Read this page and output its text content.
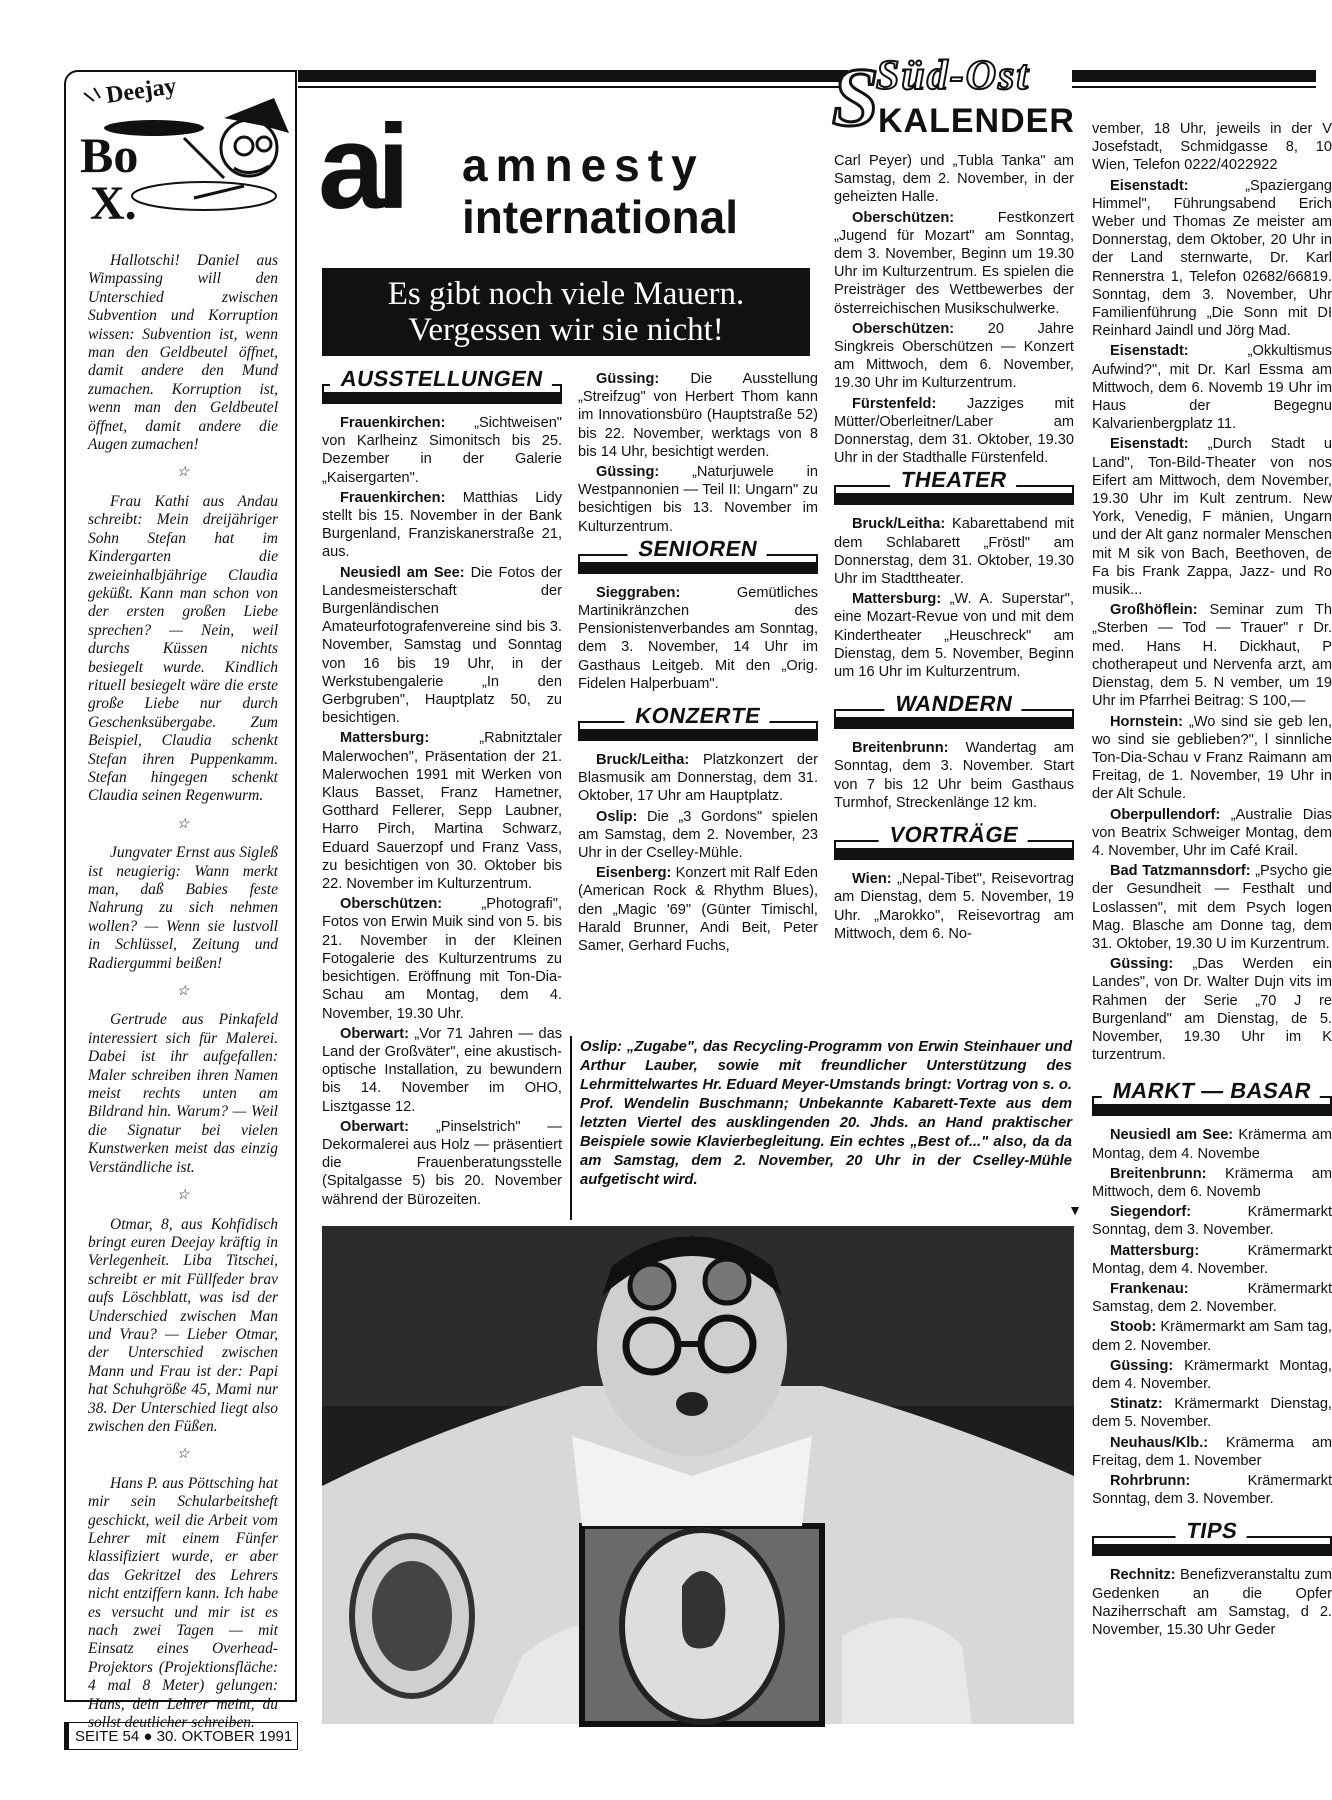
Deejay
Bo
X.

Hallotschi! Daniel aus Wimpassing will den Unterschied zwischen Subvention und Korruption wissen: Subvention ist, wenn man den Geldbeutel öffnet, damit andere den Mund zumachen. Korruption ist, wenn man den Geldbeutel öffnet, damit andere die Augen zumachen!

☆

Frau Kathi aus Andau schreibt: Mein dreijähriger Sohn Stefan hat im Kindergarten die zweieinhalbjährige Claudia geküßt. Kann man schon von der ersten großen Liebe sprechen? — Nein, weil durchs Küssen nichts besiegelt wurde. Kindlich rituell besiegelt wäre die erste große Liebe nur durch Geschenksübergabe. Zum Beispiel, Claudia schenkt Stefan ihren Puppenkamm. Stefan hingegen schenkt Claudia seinen Regenwurm.

☆

Jungvater Ernst aus Sigleß ist neugierig: Wann merkt man, daß Babies feste Nahrung zu sich nehmen wollen? — Wenn sie lustvoll in Schlüssel, Zeitung und Radiergummi beißen!

☆

Gertrude aus Pinkafeld interessiert sich für Malerei. Dabei ist ihr aufgefallen: Maler schreiben ihren Namen meist rechts unten am Bildrand hin. Warum? — Weil die Signatur bei vielen Kunstwerken meist das einzig Verständliche ist.

☆

Otmar, 8, aus Kohfidisch bringt euren Deejay kräftig in Verlegenheit. Liba Titschei, schreibt er mit Füllfeder brav aufs Löschblatt, was isd der Underschied zwischen Man und Vrau? — Lieber Otmar, der Unterschied zwischen Mann und Frau ist der: Papi hat Schuhgröße 45, Mami nur 38. Der Unterschied liegt also zwischen den Füßen.

☆

Hans P. aus Pöttsching hat mir sein Schularbeitsheft geschickt, weil die Arbeit vom Lehrer mit einem Fünfer klassifiziert wurde, er aber das Gekritzel des Lehrers nicht entziffern kann. Ich habe es versucht und mir ist es nach zwei Tagen — mit Einsatz eines Overhead-Projektors (Projektionsfläche: 4 mal 8 Meter) gelungen: Hans, dein Lehrer meint, du sollst deutlicher schreiben.

SEITE 54 ● 30. OKTOBER 1991
Süd-Ost
S KALENDER
ai amnesty
international
Es gibt noch viele Mauern.
Vergessen wir sie nicht!
AUSSTELLUNGEN

Frauenkirchen: „Sichtweisen" von Karlheinz Simonitsch bis 25. Dezember in der Galerie „Kaisergarten".

Frauenkirchen: Matthias Lidy stellt bis 15. November in der Bank Burgenland, Franziskanerstraße 21, aus.

Neusiedl am See: Die Fotos der Landesmeisterschaft der Burgenländischen Amateurfotografenvereine sind bis 3. November, Samstag und Sonntag von 16 bis 19 Uhr, in der Werkstubengalerie „In den Gerbgruben", Hauptplatz 50, zu besichtigen.

Mattersburg:	„Rabnitztaler Malerwochen", Präsentation der 21. Malerwochen 1991 mit Werken von Klaus Basset, Franz Hametner, Gotthard Fellerer, Sepp Laubner, Harro Pirch, Martina Schwarz, Eduard Sauerzopf und Franz Vass, zu besichtigen von 30. Oktober bis 22. November im Kulturzentrum.

Oberschützen:	„Photografi", Fotos von Erwin Muik sind von 5. bis 21. November in der Kleinen Fotogalerie des Kulturzentrums zu besichtigen. Eröffnung mit Ton-Dia-Schau am Montag, dem 4. November, 19.30 Uhr.

Oberwart: „Vor 71 Jahren — das Land der Großväter", eine akustisch-optische Installation, zu bewundern bis 14. November im OHO, Lisztgasse 12.

Oberwart: „Pinselstrich" — Dekormalerei aus Holz — präsentiert die Frauenberatungsstelle (Spitalgasse 5) bis 20. November während der Bürozeiten.

Güssing: Die Ausstellung „Streifzug" von Herbert Thom kann im Innovationsbüro (Hauptstraße 52) bis 22. November, werktags von 8 bis 14 Uhr, besichtigt werden.

Güssing: „Naturjuwele in Westpannonien — Teil II: Ungarn" zu besichtigen bis 13. November im Kulturzentrum.

SENIOREN

Sieggraben:	Gemütliches Martinikränzchen des Pensionistenverbandes am Sonntag, dem 3. November, 14 Uhr im Gasthaus Leitgeb. Mit den „Orig. Fidelen Halperbuam".

KONZERTE

Bruck/Leitha: Platzkonzert der Blasmusik am Donnerstag, dem 31. Oktober, 17 Uhr am Hauptplatz.

Oslip: Die „3 Gordons" spielen am Samstag, dem 2. November, 23 Uhr in der Cselley-Mühle.

Eisenberg: Konzert mit Ralf Eden (American Rock & Rhythm Blues), den „Magic '69" (Günter Timischl, Harald Brunner, Andi Beit, Peter Samer, Gerhard Fuchs,

Carl Peyer) und „Tubla Tanka" am Samstag, dem 2. November, in der geheizten Halle.

Oberschützen:	Festkonzert „Jugend für Mozart" am Sonntag, dem 3. November, Beginn um 19.30 Uhr im Kulturzentrum. Es spielen die Preisträger des Wettbewerbes der österreichischen Musikschulwerke.

Oberschützen: 20 Jahre Singkreis Oberschützen — Konzert am Mittwoch, dem 6. November, 19.30 Uhr im Kulturzentrum.

Fürstenfeld: Jazziges mit Mütter/Oberleitner/Laber am Donnerstag, dem 31. Oktober, 19.30 Uhr in der Stadthalle Fürstenfeld.

THEATER

Bruck/Leitha: Kabarettabend mit dem Schlabarett „Fröstl" am Donnerstag, dem 31. Oktober, 19.30 Uhr im Stadttheater.

Mattersburg: „W. A. Superstar", eine Mozart-Revue von und mit dem Kindertheater „Heuschreck" am Dienstag, dem 5. November, Beginn um 16 Uhr im Kulturzentrum.

WANDERN

Breitenbrunn: Wandertag am Sonntag, dem 3. November. Start von 7 bis 12 Uhr beim Gasthaus Turmhof, Streckenlänge 12 km.

VORTRÄGE

Wien: „Nepal-Tibet", Reisevortrag am Dienstag, dem 5. November, 19 Uhr. „Marokko", Reisevortrag am Mittwoch, dem 6. No-

Oslip: „Zugabe", das Recycling-Programm von Erwin Steinhauer und Arthur Lauber, sowie mit freundlicher Unterstützung des Lehrmittelwartes Hr. Eduard Meyer-Umstands bringt: Vortrag von s. o. Prof. Wendelin Buschmann; Unbekannte Kabarett-Texte aus dem letzten Viertel des ausklingenden 20. Jhds. an Hand praktischer Beispiele sowie Klavierbegleitung. Ein echtes „Best of..." also, da da am Samstag, dem 2. November, 20 Uhr in der Cselley-Mühle aufgetischt wird.
▼

vember, 18 Uhr, jeweils in der V Josefstadt, Schmidgasse 8, 10 Wien, Telefon 0222/4022922

Eisenstadt:	„Spaziergang Himmel", Führungsabend Erich Weber und Thomas Ze meister am Donnerstag, dem Oktober, 20 Uhr in der Land sternwarte, Dr. Karl Rennerstra 1, Telefon 02682/66819. Sonntag, dem 3. November, Uhr Familienführung „Die Sonn mit DI Reinhard Jaindl und Jörg Mad.

Eisenstadt:	„Okkultismus Aufwind?", mit Dr. Karl Essma am Mittwoch, dem 6. Novemb 19 Uhr im Haus der Begegnu Kalvarienbergplatz 11.

Eisenstadt: „Durch Stadt u Land", Ton-Bild-Theater von nos Eifert am Mittwoch, dem November, 19.30 Uhr im Kult zentrum. New York, Venedig, F mänien, Ungarn und der Alt ganz normaler Menschen mit M sik von Bach, Beethoven, de Fa bis Frank Zappa, Jazz- und Ro musik...

Großhöflein: Seminar zum Th „Sterben — Tod — Trauer" r Dr. med. Hans H. Dickhaut, P chotherapeut und Nervenfa arzt, am Dienstag, dem 5. N vember, um 19 Uhr im Pfarrhei Beitrag: S 100,—

Hornstein: „Wo sind sie geb len, wo sind sie geblieben?", l sinnliche Ton-Dia-Schau v Franz Raimann am Freitag, de 1. November, 19 Uhr in der Alt Schule.

Oberpullendorf: „Australie Dias von Beatrix Schweiger Montag, dem 4. November, Uhr im Café Krail.

Bad Tatzmannsdorf: „Psycho gie der Gesundheit — Festhalt und Loslassen", mit dem Psych logen Mag. Blasche am Donne tag, dem 31. Oktober, 19.30 U im Kurzentrum.

Güssing: „Das Werden ein Landes", von Dr. Walter Dujn vits im Rahmen der Serie „70 J re Burgenland" am Dienstag, de 5. November, 19.30 Uhr im K turzentrum.

MARKT — BASAR

Neusiedl am See: Krämerma am Montag, dem 4. Novembe

Breitenbrunn: Krämerma am Mittwoch, dem 6. Novemb

Siegendorf:	Krämermarkt Sonntag, dem 3. November.

Mattersburg:	Krämermarkt Montag, dem 4. November.

Frankenau:	Krämermarkt Samstag, dem 2. November.

Stoob: Krämermarkt am Sam tag, dem 2. November.

Güssing: Krämermarkt Montag, dem 4. November.

Stinatz: Krämermarkt Dienstag, dem 5. November.

Neuhaus/Klb.: Krämerma am Freitag, dem 1. November

Rohrbrunn:	Krämermarkt Sonntag, dem 3. November.

TIPS

Rechnitz: Benefizveranstaltu zum Gedenken an die Opfer Naziherrschaft am Samstag, d 2. November, 15.30 Uhr Geder
